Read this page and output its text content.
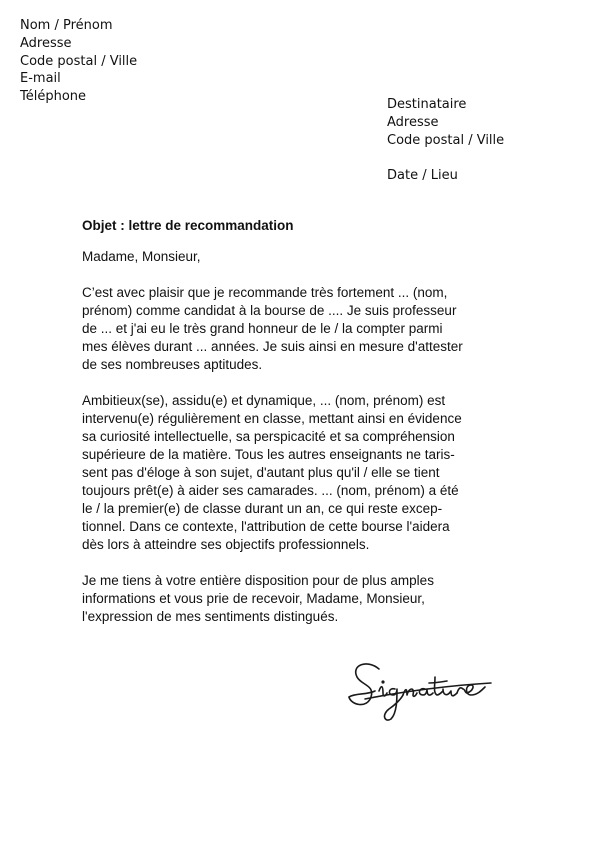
Nom / Prénom
Adresse
Code postal / Ville
E-mail
Téléphone
Destinataire
Adresse
Code postal / Ville
Date / Lieu
Objet : lettre de recommandation
Madame, Monsieur,
C’est avec plaisir que je recommande très fortement ... (nom,
prénom) comme candidat à la bourse de .... Je suis professeur
de ... et j'ai eu le très grand honneur de le / la compter parmi
mes élèves durant ... années. Je suis ainsi en mesure d'attester
de ses nombreuses aptitudes.
Ambitieux(se), assidu(e) et dynamique, ... (nom, prénom) est
intervenu(e) régulièrement en classe, mettant ainsi en évidence
sa curiosité intellectuelle, sa perspicacité et sa compréhension
supérieure de la matière. Tous les autres enseignants ne taris-
sent pas d'éloge à son sujet, d'autant plus qu'il / elle se tient
toujours prêt(e) à aider ses camarades. ... (nom, prénom) a été
le / la premier(e) de classe durant un an, ce qui reste excep-
tionnel. Dans ce contexte, l'attribution de cette bourse l'aidera
dès lors à atteindre ses objectifs professionnels.
Je me tiens à votre entière disposition pour de plus amples
informations et vous prie de recevoir, Madame, Monsieur,
l'expression de mes sentiments distingués.
